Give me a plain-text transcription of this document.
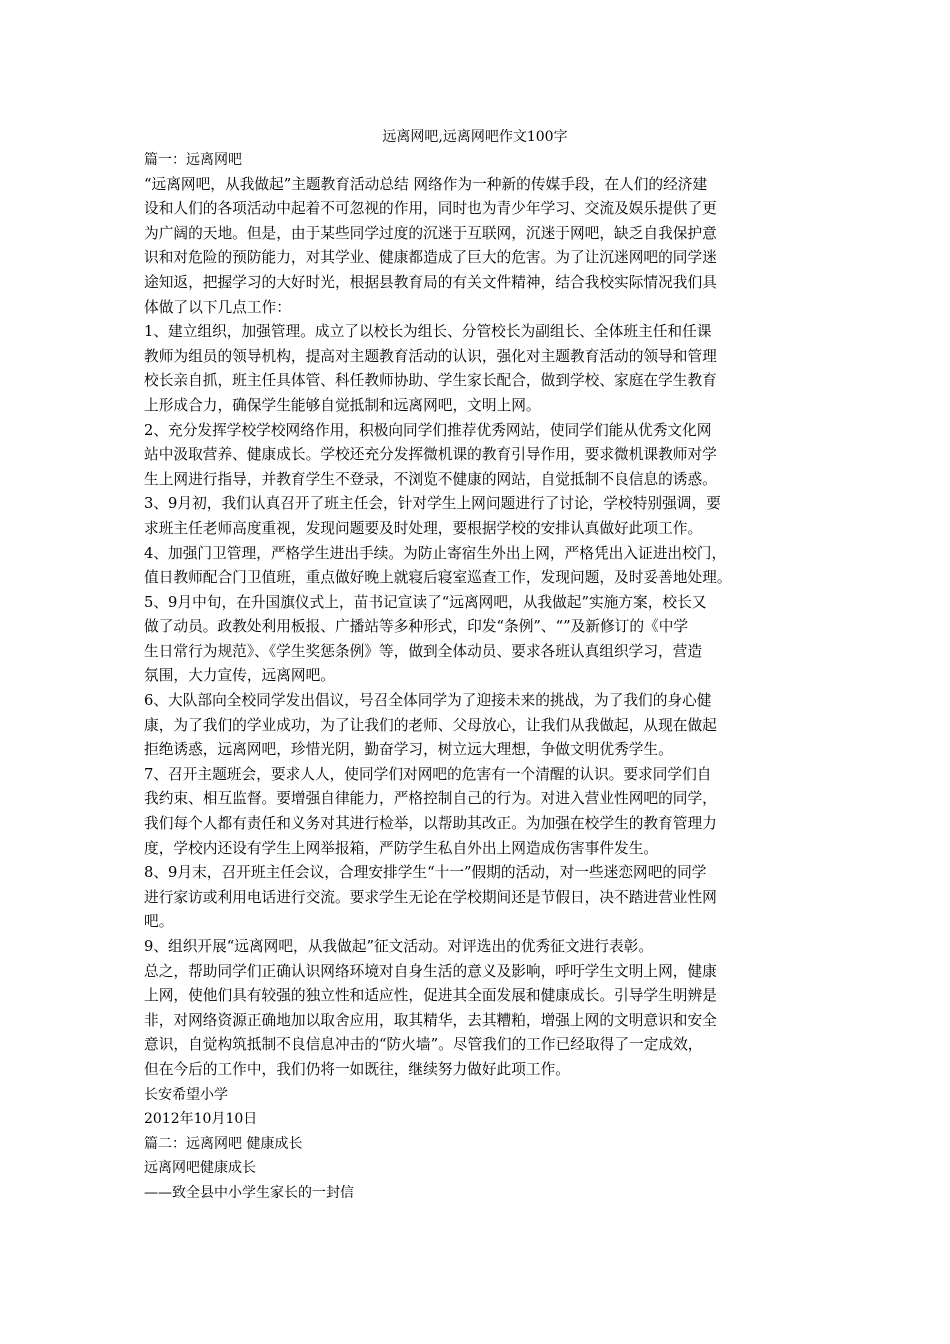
远离网吧,远离网吧作文100字
篇一：远离网吧
“远离网吧，从我做起”主题教育活动总结 网络作为一种新的传媒手段，在人们的经济建
设和人们的各项活动中起着不可忽视的作用，同时也为青少年学习、交流及娱乐提供了更
为广阔的天地。但是，由于某些同学过度的沉迷于互联网，沉迷于网吧，缺乏自我保护意
识和对危险的预防能力，对其学业、健康都造成了巨大的危害。为了让沉迷网吧的同学迷
途知返，把握学习的大好时光，根据县教育局的有关文件精神，结合我校实际情况我们具
体做了以下几点工作：
1、建立组织，加强管理。成立了以校长为组长、分管校长为副组长、全体班主任和任课
教师为组员的领导机构，提高对主题教育活动的认识，强化对主题教育活动的领导和管理
校长亲自抓，班主任具体管、科任教师协助、学生家长配合，做到学校、家庭在学生教育
上形成合力，确保学生能够自觉抵制和远离网吧，文明上网。
2、充分发挥学校学校网络作用，积极向同学们推荐优秀网站，使同学们能从优秀文化网
站中汲取营养、健康成长。学校还充分发挥微机课的教育引导作用，要求微机课教师对学
生上网进行指导，并教育学生不登录，不浏览不健康的网站，自觉抵制不良信息的诱惑。
3、9月初，我们认真召开了班主任会，针对学生上网问题进行了讨论，学校特别强调，要
求班主任老师高度重视，发现问题要及时处理，要根据学校的安排认真做好此项工作。
4、加强门卫管理，严格学生进出手续。为防止寄宿生外出上网，严格凭出入证进出校门，
值日教师配合门卫值班，重点做好晚上就寝后寝室巡查工作，发现问题，及时妥善地处理。
5、9月中旬，在升国旗仪式上，苗书记宣读了“远离网吧，从我做起”实施方案，校长又
做了动员。政教处利用板报、广播站等多种形式，印发“条例”、“”及新修订的《中学
生日常行为规范》、《学生奖惩条例》等，做到全体动员、要求各班认真组织学习，营造
氛围，大力宣传，远离网吧。
6、大队部向全校同学发出倡议，号召全体同学为了迎接未来的挑战，为了我们的身心健
康，为了我们的学业成功，为了让我们的老师、父母放心，让我们从我做起，从现在做起
拒绝诱惑，远离网吧，珍惜光阴，勤奋学习，树立远大理想，争做文明优秀学生。
7、召开主题班会，要求人人，使同学们对网吧的危害有一个清醒的认识。要求同学们自
我约束、相互监督。要增强自律能力，严格控制自己的行为。对进入营业性网吧的同学，
我们每个人都有责任和义务对其进行检举，以帮助其改正。为加强在校学生的教育管理力
度，学校内还设有学生上网举报箱，严防学生私自外出上网造成伤害事件发生。
8、9月末，召开班主任会议，合理安排学生“十一”假期的活动，对一些迷恋网吧的同学
进行家访或利用电话进行交流。要求学生无论在学校期间还是节假日，决不踏进营业性网
吧。
9、组织开展“远离网吧，从我做起”征文活动。对评选出的优秀征文进行表彰。
总之，帮助同学们正确认识网络环境对自身生活的意义及影响，呼吁学生文明上网，健康
上网，使他们具有较强的独立性和适应性，促进其全面发展和健康成长。引导学生明辨是
非，对网络资源正确地加以取舍应用，取其精华，去其糟粕，增强上网的文明意识和安全
意识，自觉构筑抵制不良信息冲击的“防火墙”。尽管我们的工作已经取得了一定成效，
但在今后的工作中，我们仍将一如既往，继续努力做好此项工作。
长安希望小学
2012年10月10日
篇二：远离网吧 健康成长
远离网吧健康成长
——致全县中小学生家长的一封信
